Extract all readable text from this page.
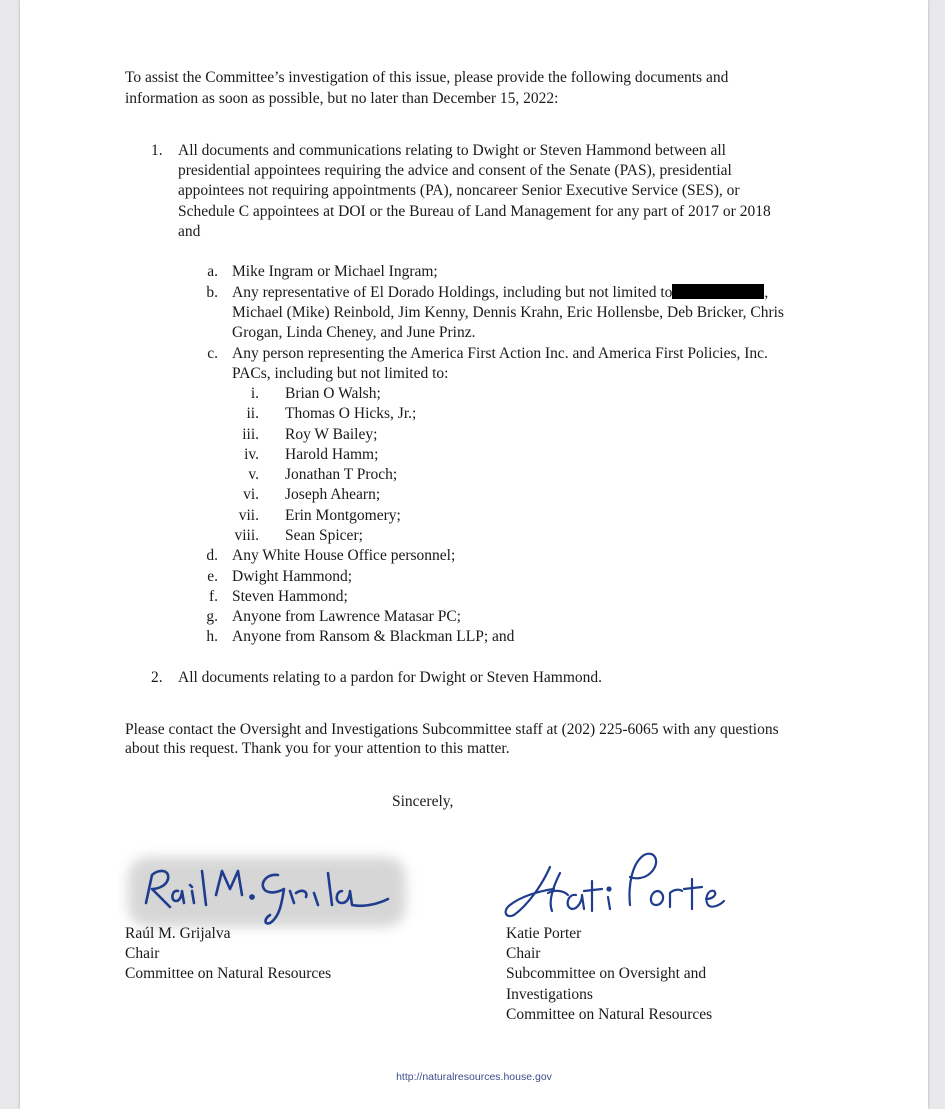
To assist the Committee’s investigation of this issue, please provide the following documents and
information as soon as possible, but no later than December 15, 2022:
1. All documents and communications relating to Dwight or Steven Hammond between all
presidential appointees requiring the advice and consent of the Senate (PAS), presidential
appointees not requiring appointments (PA), noncareer Senior Executive Service (SES), or
Schedule C appointees at DOI or the Bureau of Land Management for any part of 2017 or 2018
and
a. Mike Ingram or Michael Ingram;
b. Any representative of El Dorado Holdings, including but not limited to	,
Michael (Mike) Reinbold, Jim Kenny, Dennis Krahn, Eric Hollensbe, Deb Bricker, Chris
Grogan, Linda Cheney, and June Prinz.
c. Any person representing the America First Action Inc. and America First Policies, Inc.
PACs, including but not limited to:
i. Brian O Walsh;
ii. Thomas O Hicks, Jr.;
iii. Roy W Bailey;
iv. Harold Hamm;
v. Jonathan T Proch;
vi. Joseph Ahearn;
vii. Erin Montgomery;
viii. Sean Spicer;
d. Any White House Office personnel;
e. Dwight Hammond;
f. Steven Hammond;
g. Anyone from Lawrence Matasar PC;
h. Anyone from Ransom & Blackman LLP; and
2. All documents relating to a pardon for Dwight or Steven Hammond.
Please contact the Oversight and Investigations Subcommittee staff at (202) 225-6065 with any questions
about this request. Thank you for your attention to this matter.
Sincerely,
Raúl M. Grijalva
Chair
Committee on Natural Resources
Katie Porter
Chair
Subcommittee on Oversight and
Investigations
Committee on Natural Resources
http://naturalresources.house.gov
